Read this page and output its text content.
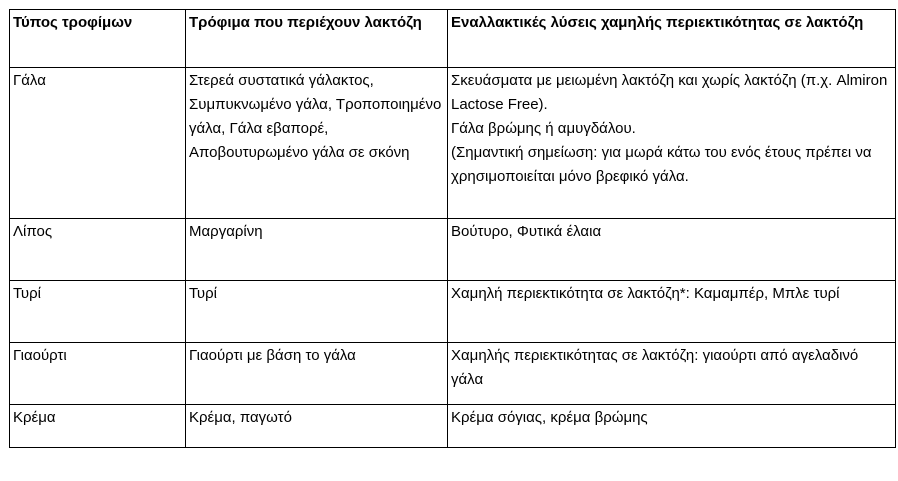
Τύπος τροφίμων	Τρόφιμα που περιέχουν λακτόζη	Εναλλακτικές λύσεις χαμηλής περιεκτικότητας σε λακτόζη
Γάλα	Στερεά συστατικά γάλακτος, Συμπυκνωμένο γάλα, Τροποποιημένο γάλα, Γάλα εβαπορέ, Αποβουτυρωμένο γάλα σε σκόνη	Σκευάσματα με μειωμένη λακτόζη και χωρίς λακτόζη (π.χ. Almiron Lactose Free).
Γάλα βρώμης ή αμυγδάλου.
(Σημαντική σημείωση: για μωρά κάτω του ενός έτους πρέπει να χρησιμοποιείται μόνο βρεφικό γάλα.
Λίπος	Μαργαρίνη	Βούτυρο, Φυτικά έλαια
Τυρί	Τυρί	Χαμηλή περιεκτικότητα σε λακτόζη*: Καμαμπέρ, Μπλε τυρί
Γιαούρτι	Γιαούρτι με βάση το γάλα	Χαμηλής περιεκτικότητας σε λακτόζη: γιαούρτι από αγελαδινό γάλα
Κρέμα	Κρέμα, παγωτό	Κρέμα σόγιας, κρέμα βρώμης
